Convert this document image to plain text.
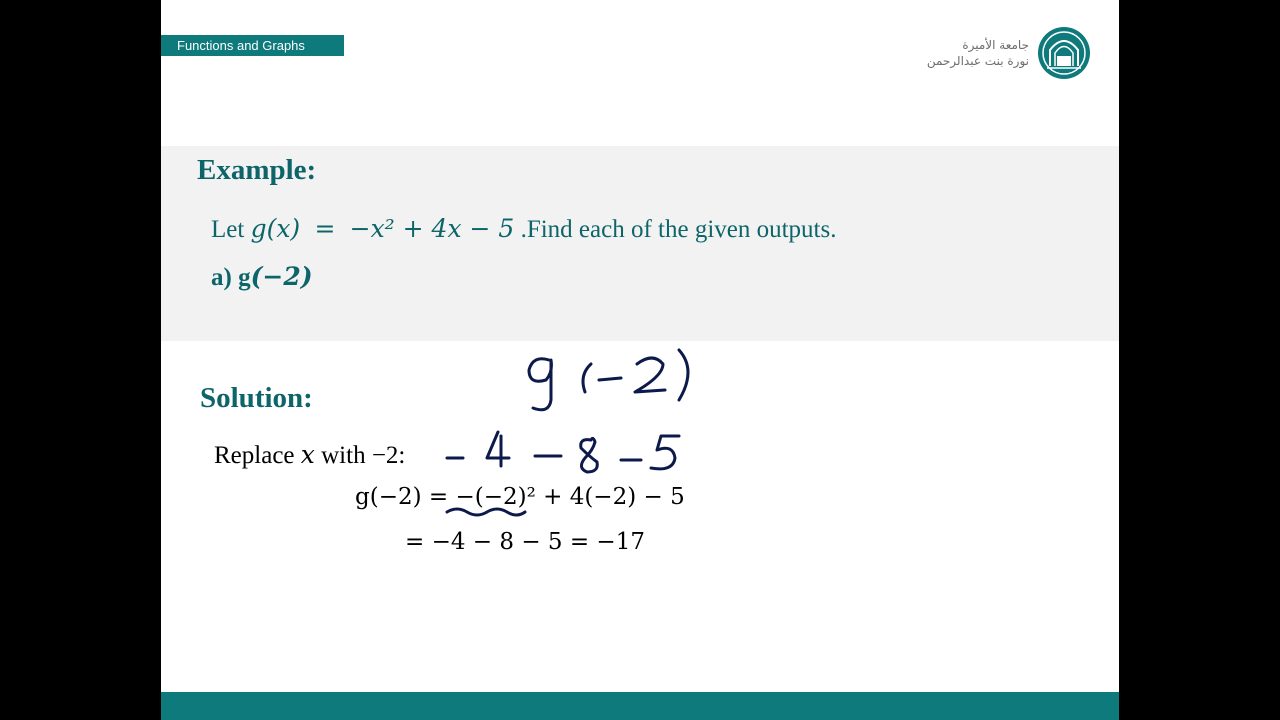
Functions and Graphs	جامعة الأميرة
نورة بنت عبدالرحمن
Example:
Let g(x) = −x² + 4x − 5 .Find each of the given outputs.
a) g(−2)
Solution:
Replace x with −2:
g(−2) = −(−2)² + 4(−2) − 5
= −4 − 8 − 5 = −17
